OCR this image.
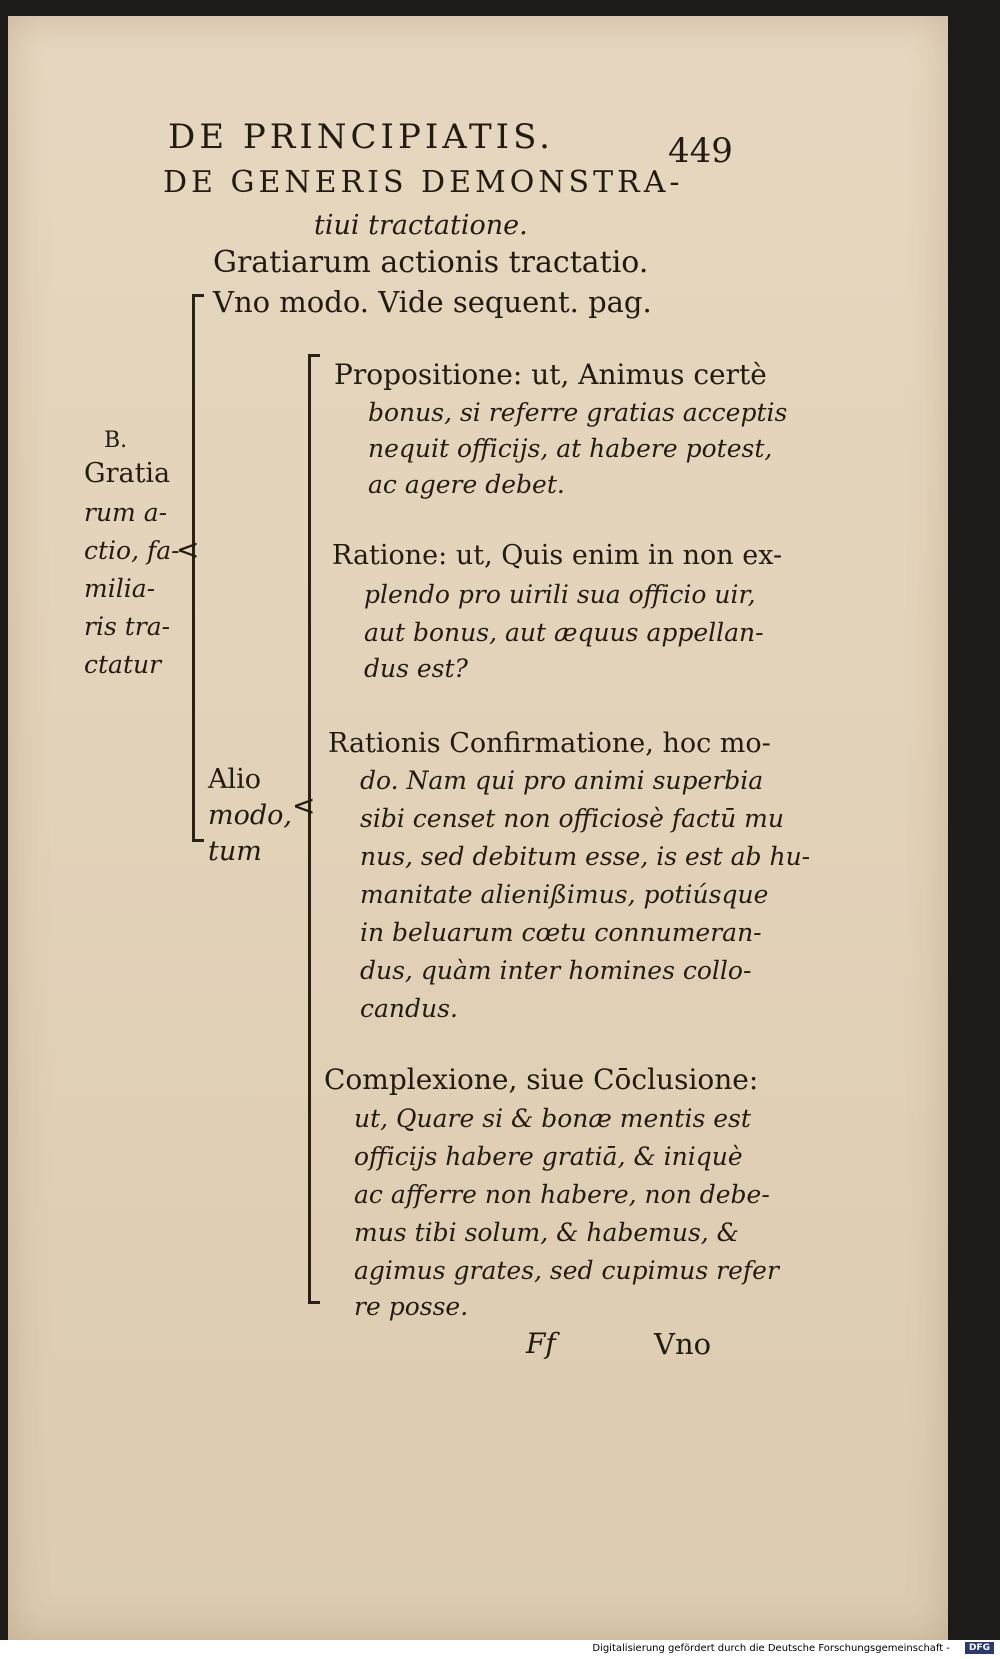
DE PRINCIPIATIS.	449
DE GENERIS DEMONSTRA-
tiui tractatione.
Gratiarum actionis tractatio.
Vno modo. Vide sequent. pag.
<
B.
Gratia
rum a-
ctio, fa-
milia-
ris tra-
ctatur
Alio
modo,
tum
<
Propositione: ut, Animus certè
bonus, si referre gratias acceptis
nequit officijs, at habere potest,
ac agere debet.
Ratione: ut, Quis enim in non ex-
plendo pro uirili sua officio uir,
aut bonus, aut æquus appellan-
dus est?
Rationis Confirmatione, hoc mo-
do. Nam qui pro animi superbia
sibi censet non officiosè factū mu
nus, sed debitum esse, is est ab hu-
manitate alienißimus, potiúsque
in beluarum cœtu connumeran-
dus, quàm inter homines collo-
candus.
Complexione, siue Cōclusione:
ut, Quare si & bonæ mentis est
officijs habere gratiā, & iniquè
ac afferre non habere, non debe-
mus tibi solum, & habemus, &
agimus grates, sed cupimus refer
re posse.
Ff	Vno
Digitalisierung gefördert durch die Deutsche Forschungsgemeinschaft -	DFG
